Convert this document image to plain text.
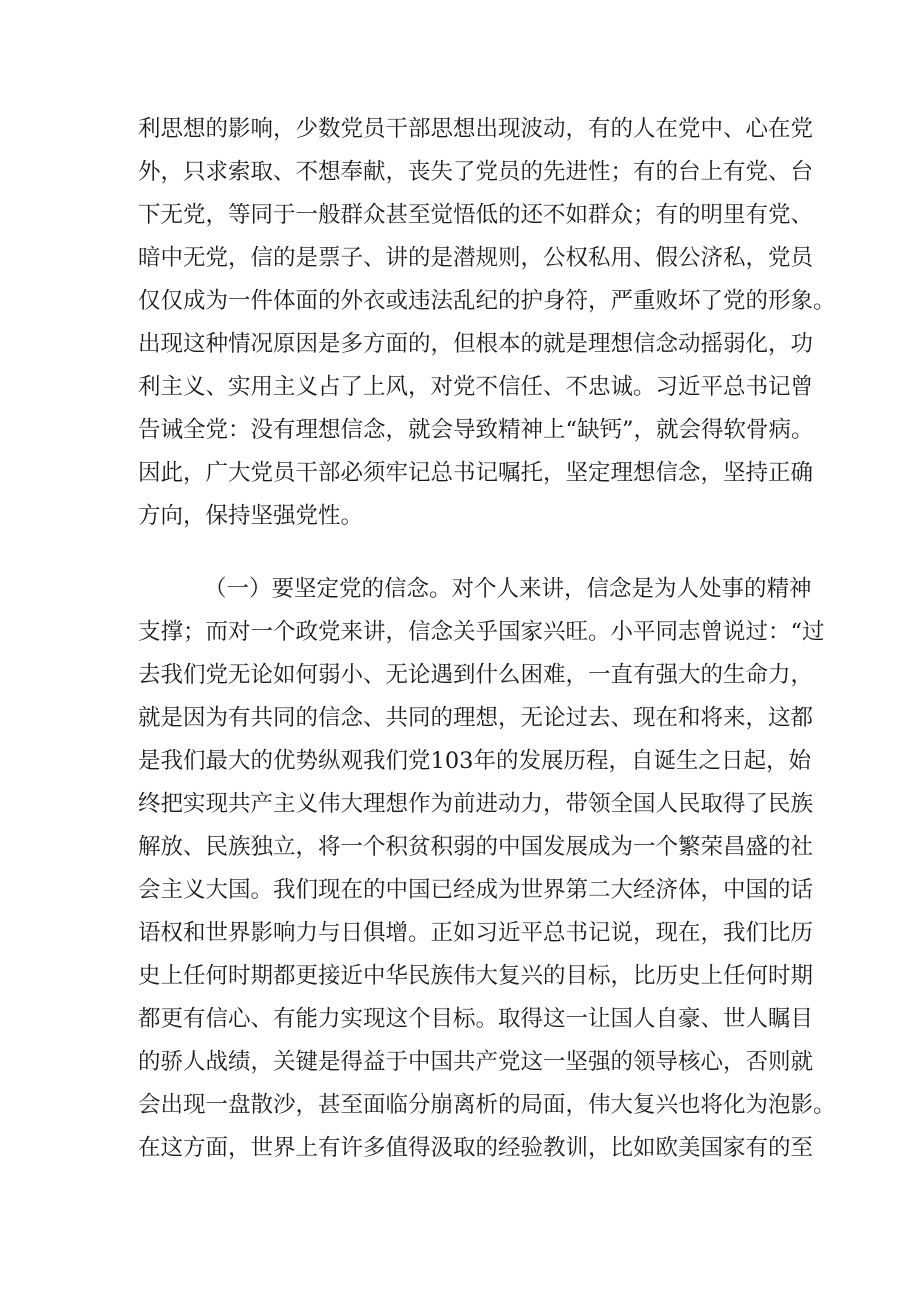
利思想的影响，少数党员干部思想出现波动，有的人在党中、心在党
外，只求索取、不想奉献，丧失了党员的先进性；有的台上有党、台
下无党，等同于一般群众甚至觉悟低的还不如群众；有的明里有党、
暗中无党，信的是票子、讲的是潜规则，公权私用、假公济私，党员
仅仅成为一件体面的外衣或违法乱纪的护身符，严重败坏了党的形象。
出现这种情况原因是多方面的，但根本的就是理想信念动摇弱化，功
利主义、实用主义占了上风，对党不信任、不忠诚。习近平总书记曾
告诫全党：没有理想信念，就会导致精神上“缺钙”，就会得软骨病。
因此，广大党员干部必须牢记总书记嘱托，坚定理想信念，坚持正确
方向，保持坚强党性。
（一）要坚定党的信念。对个人来讲，信念是为人处事的精神
支撑；而对一个政党来讲，信念关乎国家兴旺。小平同志曾说过：“过
去我们党无论如何弱小、无论遇到什么困难，一直有强大的生命力，
就是因为有共同的信念、共同的理想，无论过去、现在和将来，这都
是我们最大的优势纵观我们党103年的发展历程，自诞生之日起，始
终把实现共产主义伟大理想作为前进动力，带领全国人民取得了民族
解放、民族独立，将一个积贫积弱的中国发展成为一个繁荣昌盛的社
会主义大国。我们现在的中国已经成为世界第二大经济体，中国的话
语权和世界影响力与日俱增。正如习近平总书记说，现在，我们比历
史上任何时期都更接近中华民族伟大复兴的目标，比历史上任何时期
都更有信心、有能力实现这个目标。取得这一让国人自豪、世人瞩目
的骄人战绩，关键是得益于中国共产党这一坚强的领导核心，否则就
会出现一盘散沙，甚至面临分崩离析的局面，伟大复兴也将化为泡影。
在这方面，世界上有许多值得汲取的经验教训，比如欧美国家有的至
